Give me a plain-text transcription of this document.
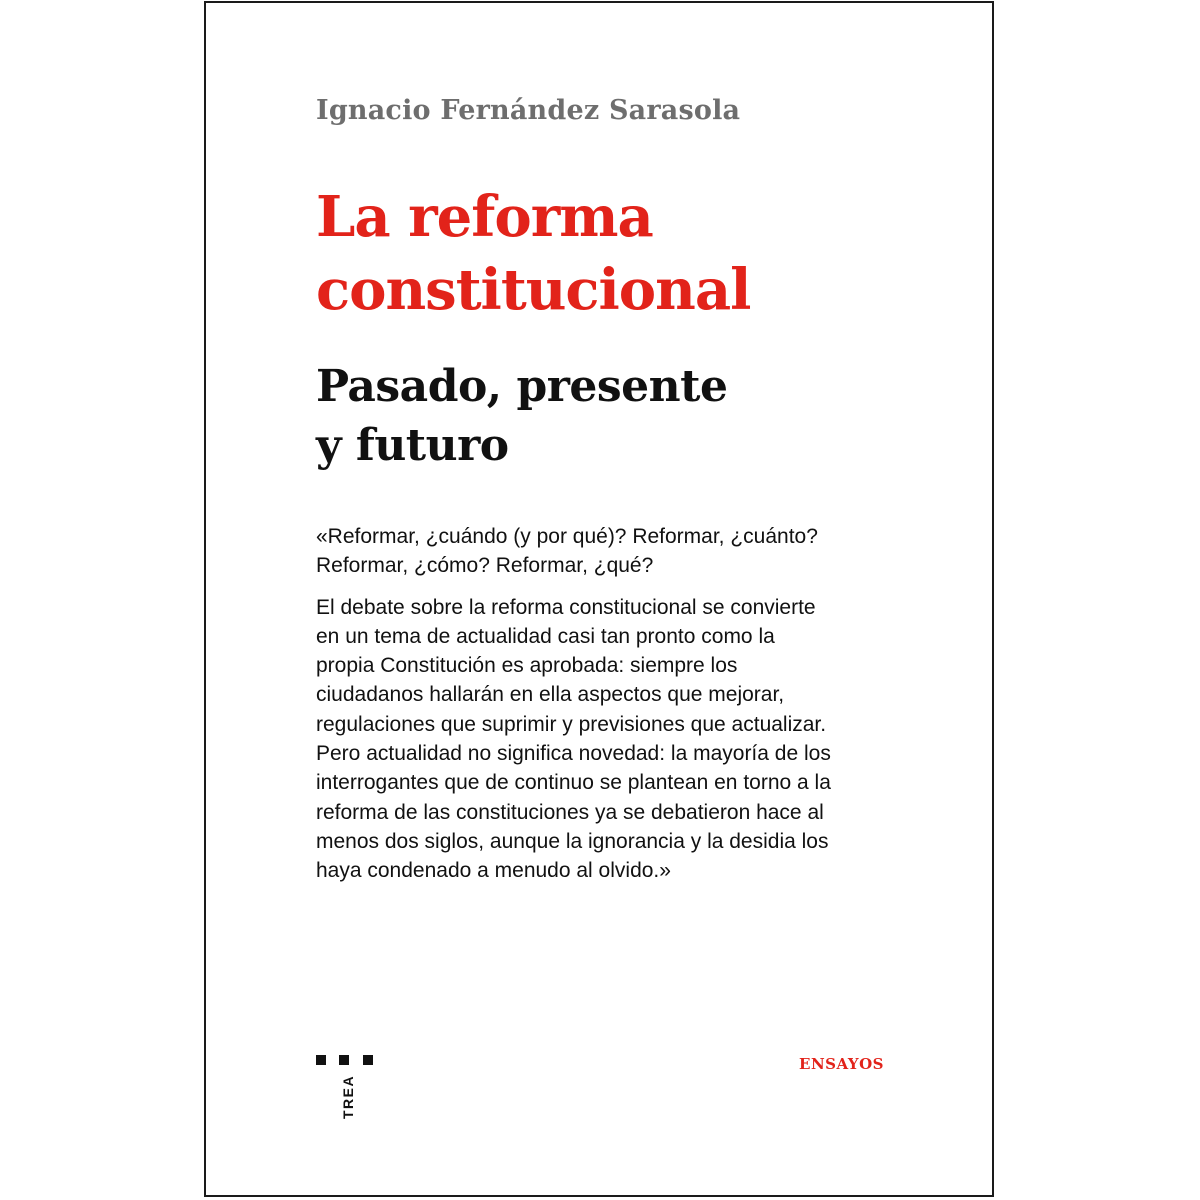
Ignacio Fernández Sarasola

La reforma
constitucional
Pasado, presente
y futuro
«Reformar, ¿cuándo (y por qué)? Reformar, ¿cuánto?
Reformar, ¿cómo? Reformar, ¿qué?
El debate sobre la reforma constitucional se convierte
en un tema de actualidad casi tan pronto como la
propia Constitución es aprobada: siempre los
ciudadanos hallarán en ella aspectos que mejorar,
regulaciones que suprimir y previsiones que actualizar.
Pero actualidad no significa novedad: la mayoría de los
interrogantes que de continuo se plantean en torno a la
reforma de las constituciones ya se debatieron hace al
menos dos siglos, aunque la ignorancia y la desidia los
haya condenado a menudo al olvido.»
TREA

ENSAYOS
